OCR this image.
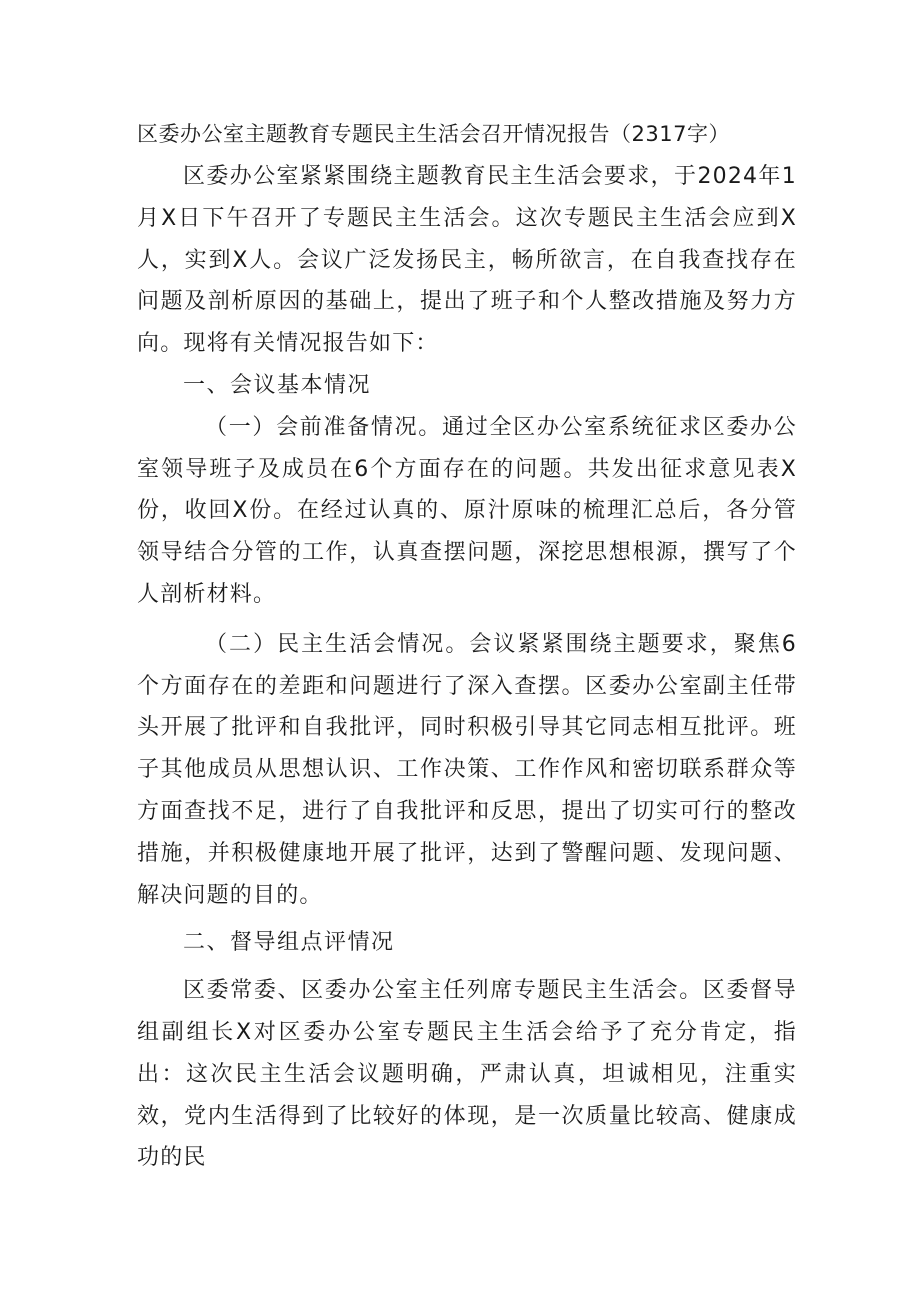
区委办公室主题教育专题民主生活会召开情况报告（2317字）

区委办公室紧紧围绕主题教育民主生活会要求，于2024年1月X日下午召开了专题民主生活会。这次专题民主生活会应到X人，实到X人。会议广泛发扬民主，畅所欲言，在自我查找存在问题及剖析原因的基础上，提出了班子和个人整改措施及努力方向。现将有关情况报告如下：

一、会议基本情况

（一）会前准备情况。通过全区办公室系统征求区委办公室领导班子及成员在6个方面存在的问题。共发出征求意见表X份，收回X份。在经过认真的、原汁原味的梳理汇总后，各分管领导结合分管的工作，认真查摆问题，深挖思想根源，撰写了个人剖析材料。

（二）民主生活会情况。会议紧紧围绕主题要求，聚焦6个方面存在的差距和问题进行了深入查摆。区委办公室副主任带头开展了批评和自我批评，同时积极引导其它同志相互批评。班子其他成员从思想认识、工作决策、工作作风和密切联系群众等方面查找不足，进行了自我批评和反思，提出了切实可行的整改措施，并积极健康地开展了批评，达到了警醒问题、发现问题、解决问题的目的。

二、督导组点评情况

区委常委、区委办公室主任列席专题民主生活会。区委督导组副组长X对区委办公室专题民主生活会给予了充分肯定，指出：这次民主生活会议题明确，严肃认真，坦诚相见，注重实效，党内生活得到了比较好的体现，是一次质量比较高、健康成功的民
